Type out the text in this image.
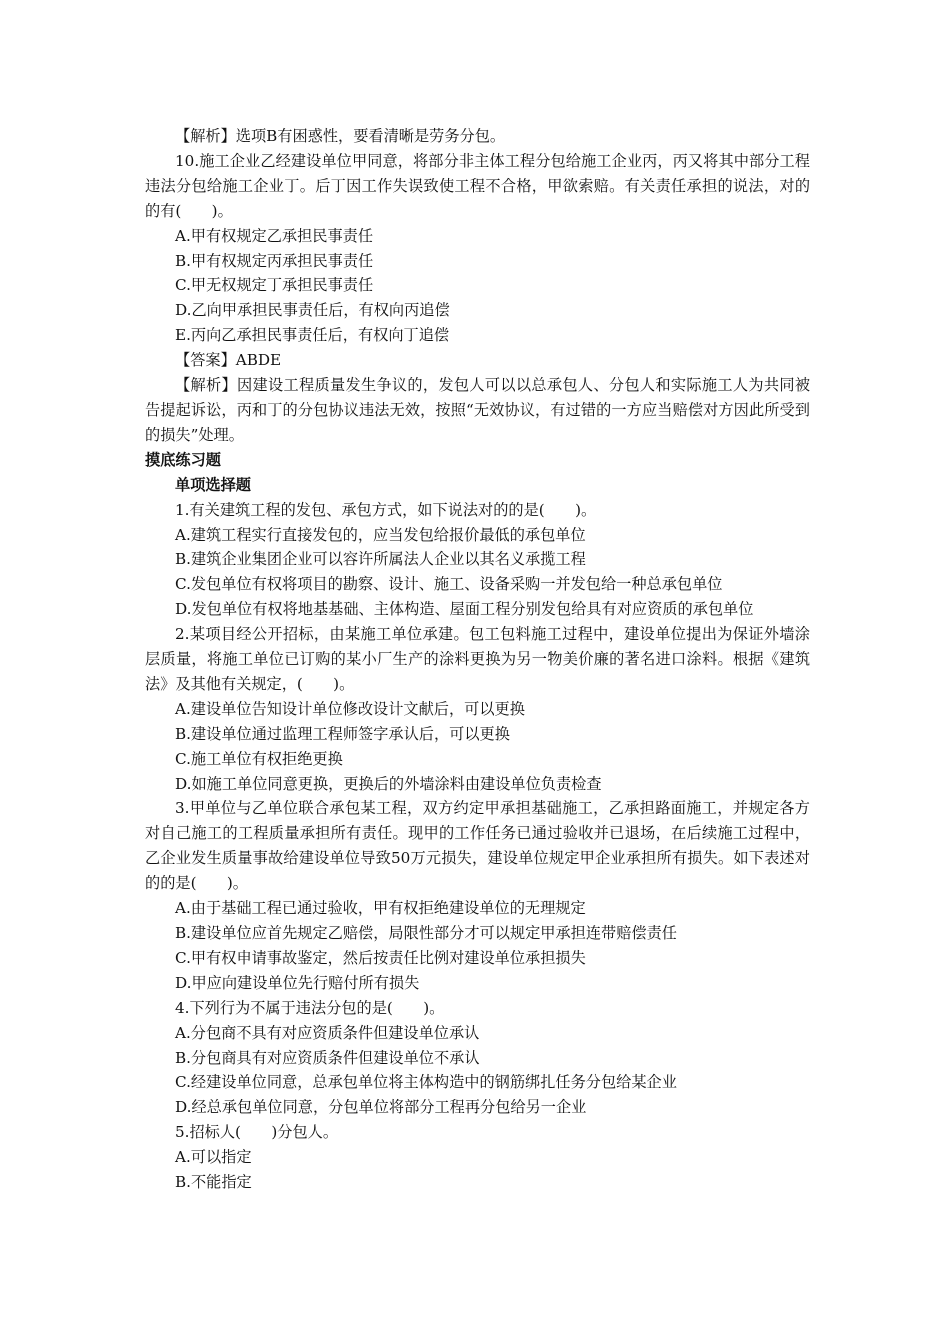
【解析】选项B有困惑性，要看清晰是劳务分包。

10.施工企业乙经建设单位甲同意，将部分非主体工程分包给施工企业丙，丙又将其中部分工程违法分包给施工企业丁。后丁因工作失误致使工程不合格，甲欲索赔。有关责任承担的说法，对的的有(　　)。

A.甲有权规定乙承担民事责任

B.甲有权规定丙承担民事责任

C.甲无权规定丁承担民事责任

D.乙向甲承担民事责任后，有权向丙追偿

E.丙向乙承担民事责任后，有权向丁追偿

【答案】ABDE

【解析】因建设工程质量发生争议的，发包人可以以总承包人、分包人和实际施工人为共同被告提起诉讼，丙和丁的分包协议违法无效，按照“无效协议，有过错的一方应当赔偿对方因此所受到的损失”处理。

摸底练习题

单项选择题

1.有关建筑工程的发包、承包方式，如下说法对的的是(　　)。

A.建筑工程实行直接发包的，应当发包给报价最低的承包单位

B.建筑企业集团企业可以容许所属法人企业以其名义承揽工程

C.发包单位有权将项目的勘察、设计、施工、设备采购一并发包给一种总承包单位

D.发包单位有权将地基基础、主体构造、屋面工程分别发包给具有对应资质的承包单位

2.某项目经公开招标，由某施工单位承建。包工包料施工过程中，建设单位提出为保证外墙涂层质量，将施工单位已订购的某小厂生产的涂料更换为另一物美价廉的著名进口涂料。根据《建筑法》及其他有关规定，(　　)。

A.建设单位告知设计单位修改设计文献后，可以更换

B.建设单位通过监理工程师签字承认后，可以更换

C.施工单位有权拒绝更换

D.如施工单位同意更换，更换后的外墙涂料由建设单位负责检查

3.甲单位与乙单位联合承包某工程，双方约定甲承担基础施工，乙承担路面施工，并规定各方对自己施工的工程质量承担所有责任。现甲的工作任务已通过验收并已退场，在后续施工过程中，乙企业发生质量事故给建设单位导致50万元损失，建设单位规定甲企业承担所有损失。如下表述对的的是(　　)。

A.由于基础工程已通过验收，甲有权拒绝建设单位的无理规定

B.建设单位应首先规定乙赔偿，局限性部分才可以规定甲承担连带赔偿责任

C.甲有权申请事故鉴定，然后按责任比例对建设单位承担损失

D.甲应向建设单位先行赔付所有损失

4.下列行为不属于违法分包的是(　　)。

A.分包商不具有对应资质条件但建设单位承认

B.分包商具有对应资质条件但建设单位不承认

C.经建设单位同意，总承包单位将主体构造中的钢筋绑扎任务分包给某企业

D.经总承包单位同意，分包单位将部分工程再分包给另一企业

5.招标人(　　)分包人。

A.可以指定

B.不能指定
